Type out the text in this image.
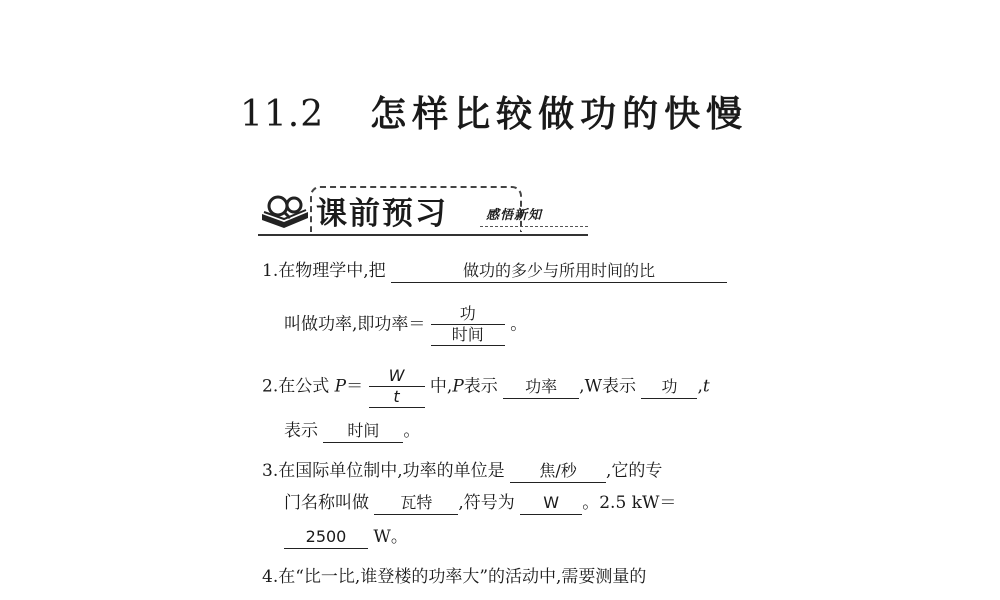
11.2 怎样比较做功的快慢
课前预习	感悟新知
1.在物理学中,把	做功的多少与所用时间的比
叫做功率,即功率＝ $\frac{\text{功}}{\text{时间}}$ 。
2.在公式 $P= \frac{W}{t}$ 中,P表示 功率 ,W表示 功 ,t
表示 时间 。
3.在国际单位制中,功率的单位是 焦/秒 ,它的专
门名称叫做 瓦特 ,符号为 W 。2.5 kW＝
2500 W。
4.在“比一比,谁登楼的功率大”的活动中,需要测量的
